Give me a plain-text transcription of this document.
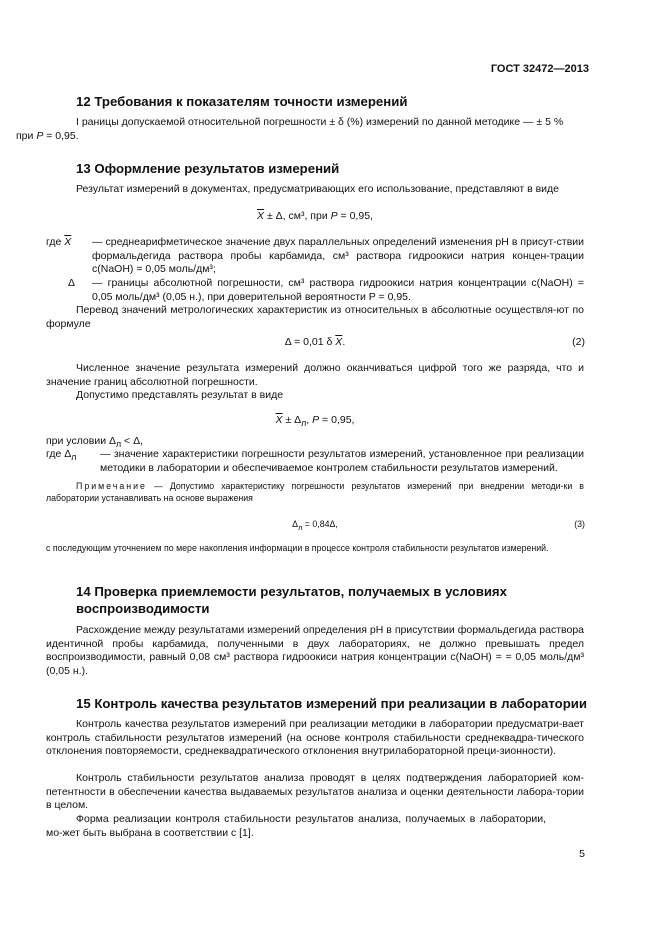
ГОСТ 32472—2013
12 Требования к показателям точности измерений
I раницы допускаемой относительной погрешности ± δ (%) измерений по данной методике — ± 5 %
при P = 0,95.
13 Оформление результатов измерений
Результат измерений в документах, предусматривающих его использование, представляют в виде
$\overline{X} \pm \Delta$, см³, при P = 0,95,
где $\overline{X}$ — среднеарифметическое значение двух параллельных определений изменения pH в присут-ствии формальдегида раствора пробы карбамида, см³ раствора гидроокиси натрия концен-трации c(NaOH) = 0,05 моль/дм³;
Δ — границы абсолютной погрешности, см³ раствора гидроокиси натрия концентрации c(NaOH) = 0,05 моль/дм³ (0,05 н.), при доверительной вероятности P = 0,95.
Перевод значений метрологических характеристик из относительных в абсолютные осуществля-ют по формуле
Δ = 0,01 δ $\overline{X}$.	(2)
Численное значение результата измерений должно оканчиваться цифрой того же разряда, что и значение границ абсолютной погрешности.
Допустимо представлять результат в виде
$\overline{X} \pm \Delta_л$, P = 0,95,
при условии $\Delta_л < \Delta$,
где $\Delta_л$ — значение характеристики погрешности результатов измерений, установленное при реализации методики в лаборатории и обеспечиваемое контролем стабильности результатов измерений.
Примечание — Допустимо характеристику погрешности результатов измерений при внедрении методи-ки в лаборатории устанавливать на основе выражения
$\Delta_л = 0,84\Delta$,	(3)
с последующим уточнением по мере накопления информации в процессе контроля стабильности результатов измерений.
14 Проверка приемлемости результатов, получаемых в условиях
воспроизводимости
Расхождение между результатами измерений определения pH в присутствии формальдегида раствора идентичной пробы карбамида, полученными в двух лабораториях, не должно превышать предел воспроизводимости, равный 0,08 см³ раствора гидроокиси натрия концентрации c(NaOH) = = 0,05 моль/дм³ (0,05 н.).
15 Контроль качества результатов измерений при реализации в лаборатории
Контроль качества результатов измерений при реализации методики в лаборатории предусматри-вает контроль стабильности результатов измерений (на основе контроля стабильности среднеквадра-тического отклонения повторяемости, среднеквадратического отклонения внутрилабораторной преци-зионности).
Контроль стабильности результатов анализа проводят в целях подтверждения лабораторией ком-петентности в обеспечении качества выдаваемых результатов анализа и оценки деятельности лабора-тории в целом.
Форма реализации контроля стабильности результатов анализа, получаемых в лаборатории, мо-жет быть выбрана в соответствии с [1].
5
